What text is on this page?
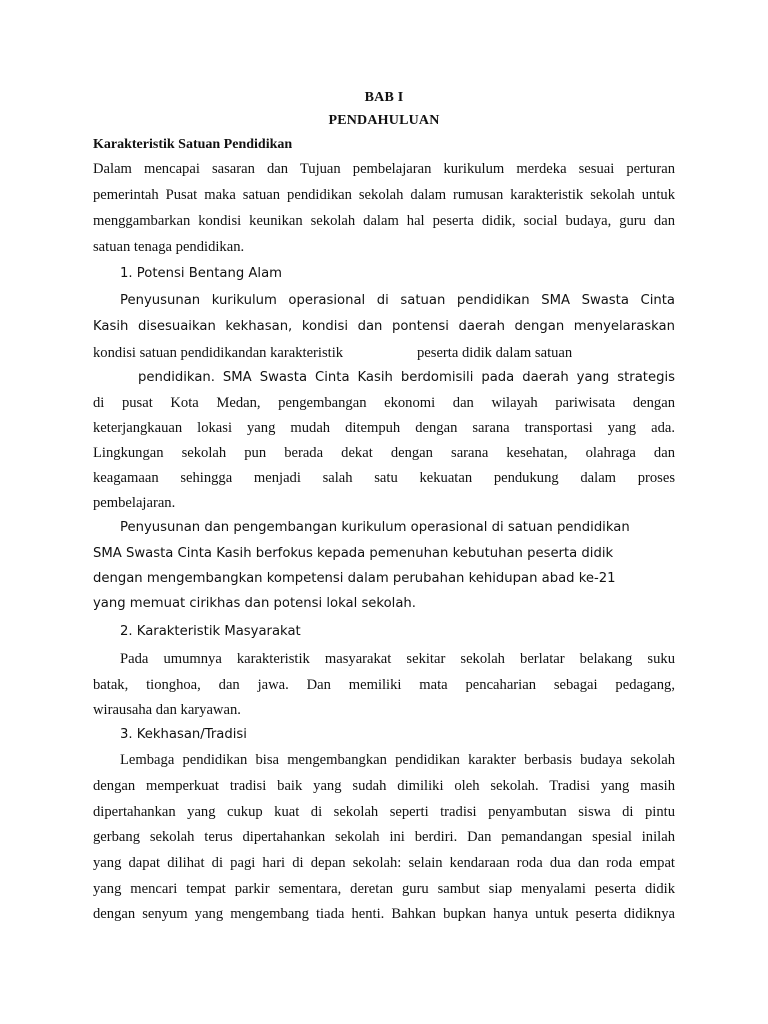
BAB I
PENDAHULUAN
Karakteristik Satuan Pendidikan
Dalam mencapai sasaran dan Tujuan pembelajaran kurikulum merdeka sesuai perturan
pemerintah Pusat maka satuan pendidikan sekolah dalam rumusan karakteristik sekolah untuk
menggambarkan kondisi keunikan sekolah dalam hal peserta didik, social budaya, guru dan
satuan tenaga pendidikan.
1. Potensi Bentang Alam
Penyusunan kurikulum operasional di satuan pendidikan SMA Swasta Cinta
Kasih disesuaikan kekhasan, kondisi dan pontensi daerah dengan menyelaraskan
kondisi satuan pendidikandan karakteristik	peserta didik dalam satuan
pendidikan. SMA Swasta Cinta Kasih berdomisili pada daerah yang strategis
di pusat Kota Medan, pengembangan ekonomi dan wilayah pariwisata dengan
keterjangkauan lokasi yang mudah ditempuh dengan sarana transportasi yang ada.
Lingkungan sekolah pun berada dekat dengan sarana kesehatan, olahraga dan
keagamaan sehingga menjadi salah satu kekuatan pendukung dalam proses
pembelajaran.
Penyusunan dan pengembangan kurikulum operasional di satuan pendidikan
SMA Swasta Cinta Kasih berfokus kepada pemenuhan kebutuhan peserta didik
dengan mengembangkan kompetensi dalam perubahan kehidupan abad ke-21
yang memuat cirikhas dan potensi lokal sekolah.
2. Karakteristik Masyarakat
Pada umumnya karakteristik masyarakat sekitar sekolah berlatar belakang suku
batak, tionghoa, dan jawa. Dan memiliki mata pencaharian sebagai pedagang,
wirausaha dan karyawan.
3. Kekhasan/Tradisi
Lembaga pendidikan bisa mengembangkan pendidikan karakter berbasis budaya sekolah
dengan memperkuat tradisi baik yang sudah dimiliki oleh sekolah. Tradisi yang masih
dipertahankan yang cukup kuat di sekolah seperti tradisi penyambutan siswa di pintu
gerbang sekolah terus dipertahankan sekolah ini berdiri. Dan pemandangan spesial inilah
yang dapat dilihat di pagi hari di depan sekolah: selain kendaraan roda dua dan roda empat
yang mencari tempat parkir sementara, deretan guru sambut siap menyalami peserta didik
dengan senyum yang mengembang tiada henti. Bahkan bupkan hanya untuk peserta didiknya
